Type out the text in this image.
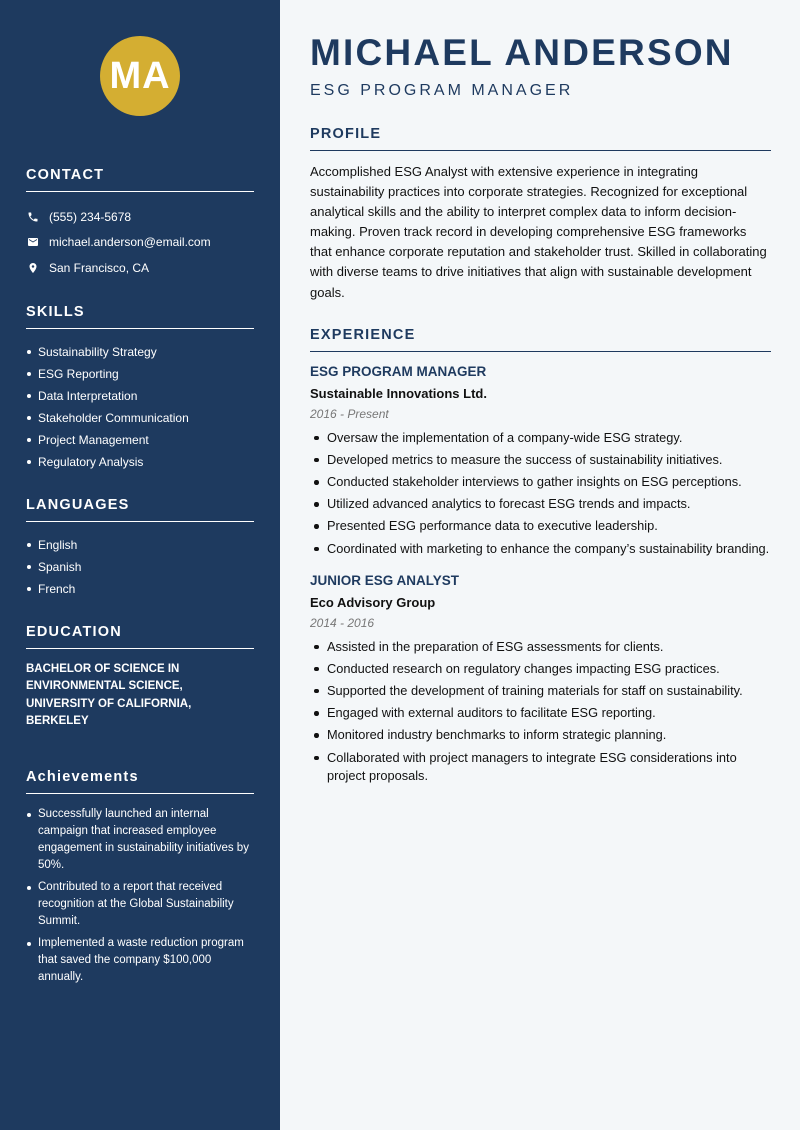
MA
CONTACT
(555) 234-5678
michael.anderson@email.com
San Francisco, CA
SKILLS
Sustainability Strategy
ESG Reporting
Data Interpretation
Stakeholder Communication
Project Management
Regulatory Analysis
LANGUAGES
English
Spanish
French
EDUCATION
BACHELOR OF SCIENCE IN ENVIRONMENTAL SCIENCE, UNIVERSITY OF CALIFORNIA, BERKELEY
Achievements
Successfully launched an internal campaign that increased employee engagement in sustainability initiatives by 50%.
Contributed to a report that received recognition at the Global Sustainability Summit.
Implemented a waste reduction program that saved the company $100,000 annually.
MICHAEL ANDERSON
ESG PROGRAM MANAGER
PROFILE

Accomplished ESG Analyst with extensive experience in integrating sustainability practices into corporate strategies. Recognized for exceptional analytical skills and the ability to interpret complex data to inform decision-making. Proven track record in developing comprehensive ESG frameworks that enhance corporate reputation and stakeholder trust. Skilled in collaborating with diverse teams to drive initiatives that align with sustainable development goals.

EXPERIENCE
ESG PROGRAM MANAGER
Sustainable Innovations Ltd.
2016 - Present
Oversaw the implementation of a company-wide ESG strategy.
Developed metrics to measure the success of sustainability initiatives.
Conducted stakeholder interviews to gather insights on ESG perceptions.
Utilized advanced analytics to forecast ESG trends and impacts.
Presented ESG performance data to executive leadership.
Coordinated with marketing to enhance the company’s sustainability branding.
JUNIOR ESG ANALYST
Eco Advisory Group
2014 - 2016
Assisted in the preparation of ESG assessments for clients.
Conducted research on regulatory changes impacting ESG practices.
Supported the development of training materials for staff on sustainability.
Engaged with external auditors to facilitate ESG reporting.
Monitored industry benchmarks to inform strategic planning.
Collaborated with project managers to integrate ESG considerations into project proposals.
